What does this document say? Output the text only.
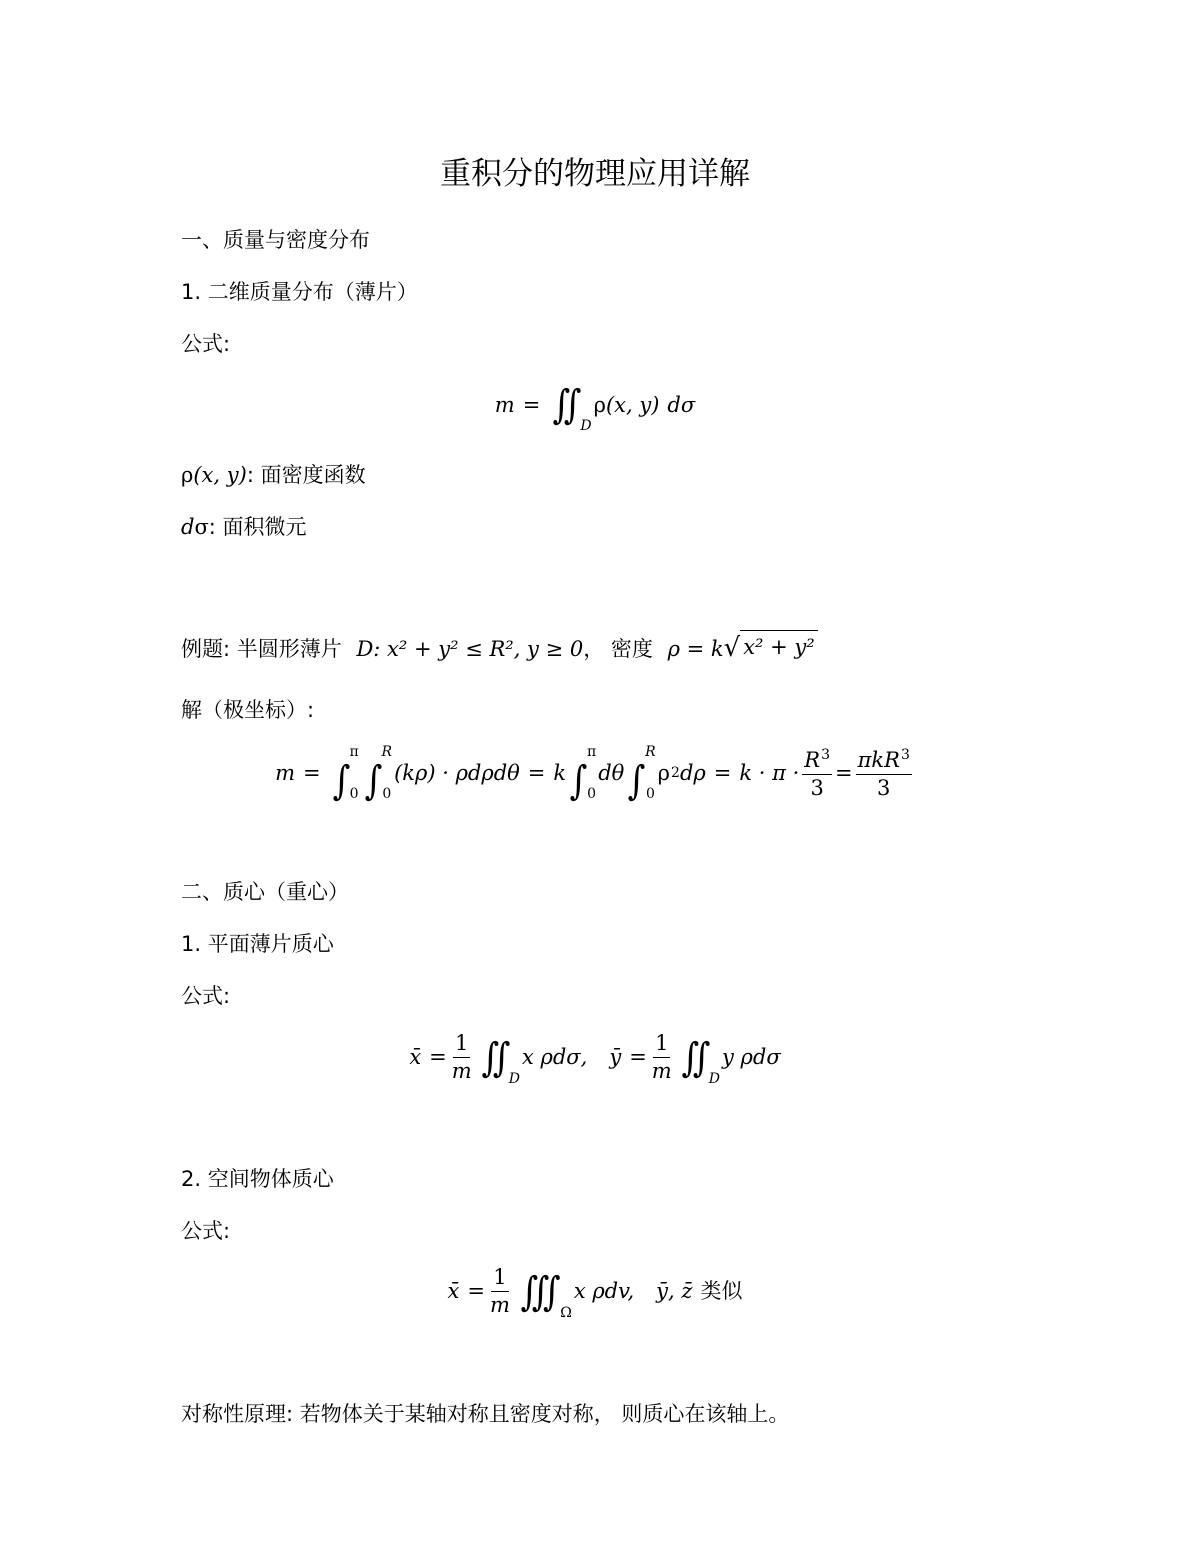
重积分的物理应用详解
一、质量与密度分布
1. 二维质量分布（薄片）
公式:
m = ∬
D
ρ (x, y) dσ
ρ(x, y): 面密度函数
dσ: 面积微元
例题: 半圆形薄片 D: x² + y² ≤ R², y ≥ 0， 密度 ρ = k √ x² + y²
解（极坐标）:
m = ∫
π
0 ∫
R
0
(kρ) · ρdρdθ = k ∫
π
0
dθ ∫
R
0
ρ 2 $d\rho = k \cdot \pi \cdot \frac{R^3}{3} = \frac{\pi kR^3}{3}$
二、质心（重心）
1. 平面薄片质心
公式:
x̄ = $\frac{1}{m}$ ∬
D
x ρdσ, ȳ = $\frac{1}{m}$ ∬
D
y ρdσ
2. 空间物体质心
公式:
x̄ = $\frac{1}{m}$ ∭ Ω
x ρdv, ȳ, z̄ 类似
对称性原理: 若物体关于某轴对称且密度对称， 则质心在该轴上。
